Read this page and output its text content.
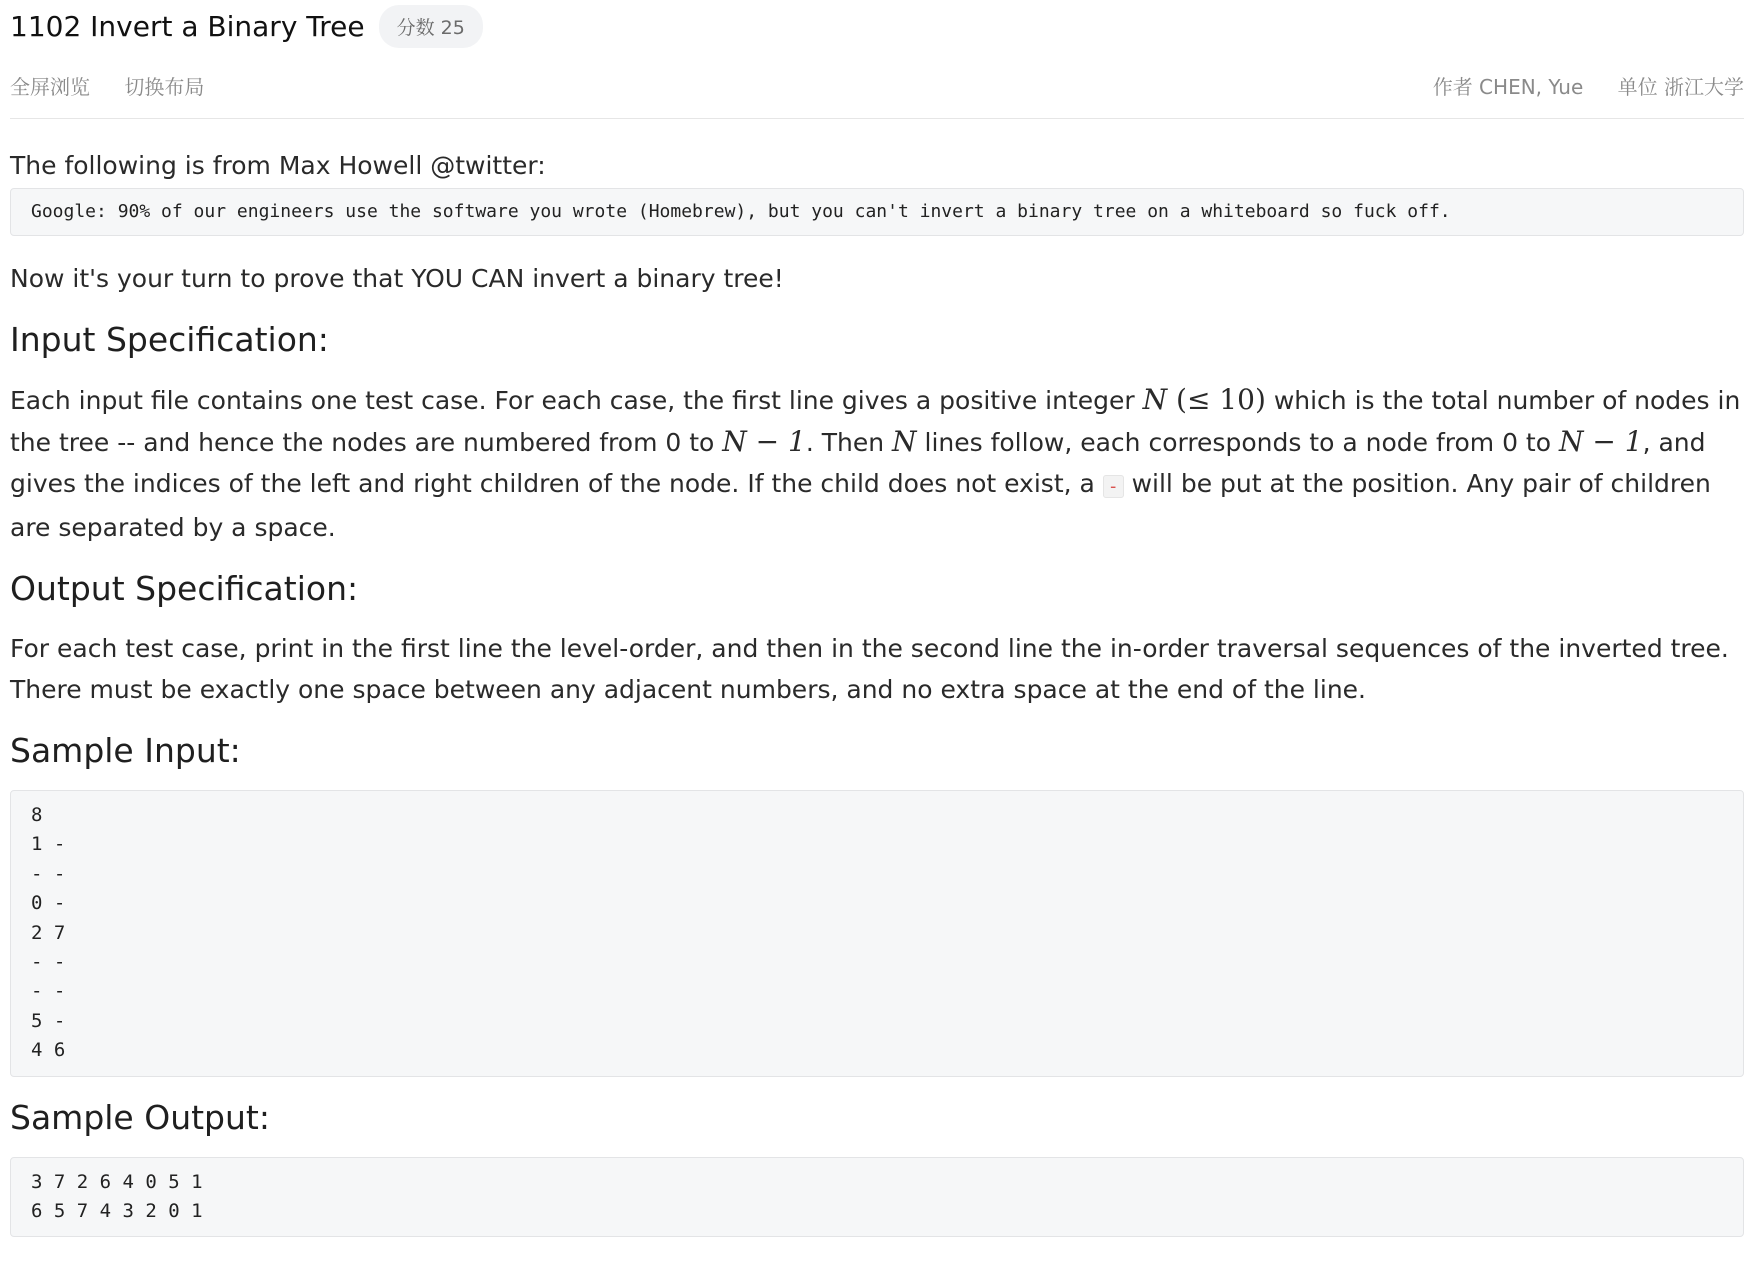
1102 Invert a Binary Tree	分数 25
全屏浏览 切换布局	作者 CHEN, Yue 单位 浙江大学
The following is from Max Howell @twitter:
Google: 90% of our engineers use the software you wrote (Homebrew), but you can't invert a binary tree on a whiteboard so fuck off.
Now it's your turn to prove that YOU CAN invert a binary tree!
Input Specification:
Each input file contains one test case. For each case, the first line gives a positive integer N (≤ 10) which is the total number of nodes in the tree -- and hence the nodes are numbered from 0 to N − 1. Then N lines follow, each corresponds to a node from 0 to N − 1, and gives the indices of the left and right children of the node. If the child does not exist, a - will be put at the position. Any pair of children are separated by a space.
Output Specification:
For each test case, print in the first line the level-order, and then in the second line the in-order traversal sequences of the inverted tree. There must be exactly one space between any adjacent numbers, and no extra space at the end of the line.
Sample Input:
8
1 -
- -
0 -
2 7
- -
- -
5 -
4 6
Sample Output:
3 7 2 6 4 0 5 1
6 5 7 4 3 2 0 1
